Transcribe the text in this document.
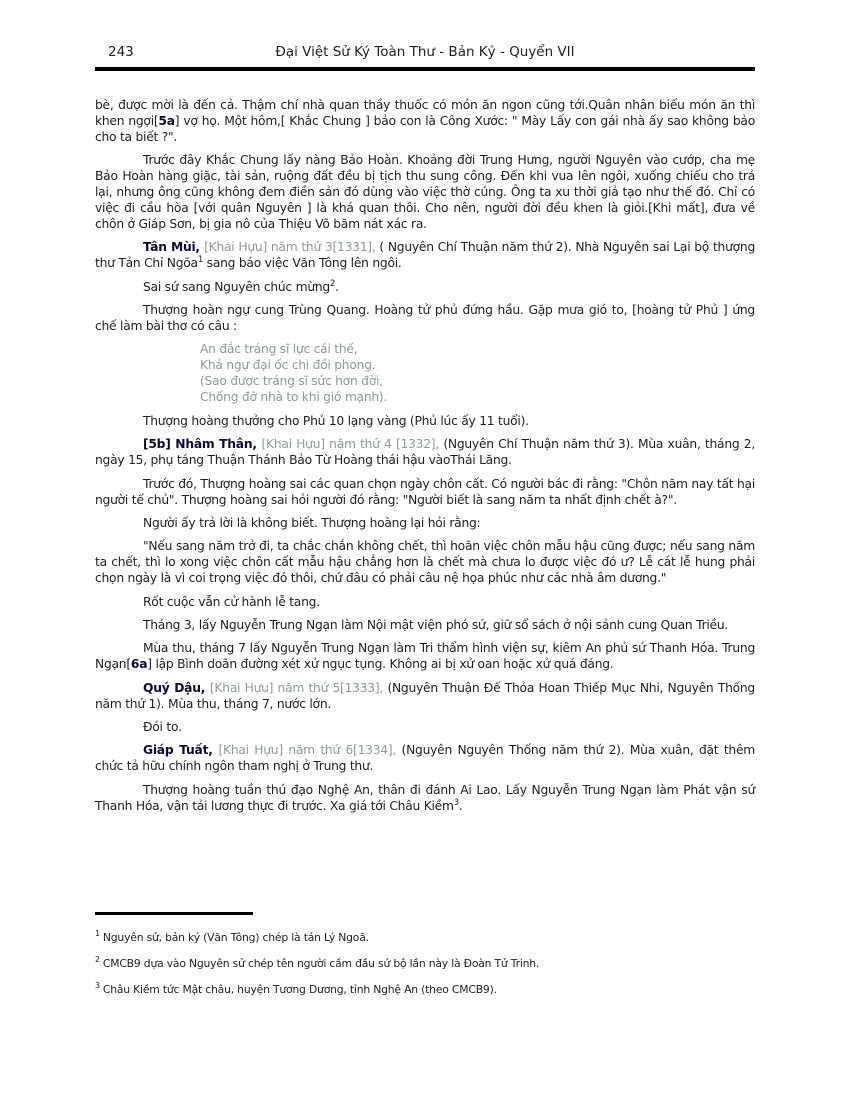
243	Đại Việt Sử Ký Toàn Thư - Bản Kỷ - Quyển VII

bè, được mời là đến cả. Thậm chí nhà quan thầy thuốc có món ăn ngon cũng tới.Quân nhân biếu món ăn thì khen ngợi[5a] vợ họ. Một hôm,[ Khắc Chung ] bảo con là Công Xước: " Mày Lấy con gái nhà ấy sao không bảo cho ta biết ?".

Trước đây Khắc Chung lấy nàng Bảo Hoàn. Khoảng đời Trung Hưng, người Nguyên vào cướp, cha mẹ Bảo Hoàn hàng giặc, tài sản, ruộng đất đều bị tịch thu sung công. Đến khi vua lên ngôi, xuống chiếu cho trả lại, nhưng ông cũng không đem điền sản đó dùng vào việc thờ cúng. Ông ta xu thời giả tạo như thế đó. Chỉ có việc đi cầu hòa [với quân Nguyên ] là khá quan thôi. Cho nên, người đời đều khen là giỏi.[Khi mất], đưa về chôn ở Giáp Sơn, bị gia nô của Thiệu Võ băm nát xác ra.

Tân Mùi, [Khai Hựu] năm thứ 3[1331], ( Nguyên Chí Thuận năm thứ 2). Nhà Nguyên sai Lại bộ thượng thư Tản Chỉ Ngõa$^1$ sang báo việc Văn Tông lên ngôi.

Sai sứ sang Nguyên chúc mừng$^2$.

Thượng hoàn ngự cung Trùng Quang. Hoàng tử phủ đứng hầu. Gặp mưa gió to, [hoàng tử Phủ ] ứng chế làm bài thơ có câu :

An đắc tráng sĩ lực cái thế,
Khả ngự đại ốc chi đồi phong.
(Sao được tráng sĩ sức hơn đời,
Chống đỡ nhà to khi gió mạnh).

Thượng hoàng thưởng cho Phủ 10 lạng vàng (Phủ lúc ấy 11 tuổi).

[5b] Nhâm Thân, [Khai Hựu] năm thứ 4 [1332], (Nguyên Chí Thuận năm thứ 3). Mùa xuân, tháng 2, ngày 15, phụ táng Thuận Thánh Bảo Từ Hoàng thái hậu vàoThái Lăng.

Trước đó, Thượng hoàng sai các quan chọn ngày chôn cất. Có người bác đi rằng: "Chôn năm nay tất hại người tế chủ". Thượng hoàng sai hỏi người đó rằng: "Người biết là sang năm ta nhất định chết à?".

Người ấy trả lời là không biết. Thượng hoàng lại hỏi rằng:

"Nếu sang năm trở đi, ta chắc chắn không chết, thì hoãn việc chôn mẫu hậu cũng được; nếu sang năm ta chết, thì lo xong việc chôn cất mẫu hậu chẳng hơn là chết mà chưa lo được việc đó ư? Lễ cát lễ hung phải chọn ngày là vì coi trọng việc đó thôi, chứ đâu có phải câu nệ họa phúc như các nhà âm dương."

Rốt cuộc vẫn cử hành lễ tang.

Tháng 3, lấy Nguyễn Trung Ngạn làm Nội mật viện phó sứ, giữ sổ sách ở nội sảnh cung Quan Triều.

Mùa thu, tháng 7 lấy Nguyễn Trung Ngạn làm Tri thẩm hình viện sự, kiêm An phủ sứ Thanh Hóa. Trung Ngạn[6a] lập Bình doãn đường xét xử ngục tụng. Không ai bị xử oan hoặc xử quá đáng.

Quý Dậu, [Khai Hựu] năm thứ 5[1333], (Nguyên Thuận Đế Thỏa Hoan Thiếp Mục Nhi, Nguyên Thống năm thứ 1). Mùa thu, tháng 7, nước lớn.

Đói to.

Giáp Tuất, [Khai Hựu] năm thứ 6[1334], (Nguyên Nguyên Thống năm thứ 2). Mùa xuân, đặt thêm chức tả hữu chính ngôn tham nghị ở Trung thư.

Thượng hoàng tuần thú đạo Nghệ An, thân đi đánh Ai Lao. Lấy Nguyễn Trung Ngạn làm Phát vận sứ Thanh Hóa, vận tải lương thực đi trước. Xa giá tới Châu Kiềm$^3$.

$^1$ Nguyên sử, bản ký (Văn Tông) chép là tán Lý Ngoã.
$^2$ CMCB9 dựa vào Nguyên sử chép tên người cầm đầu sứ bộ lần này là Đoàn Tử Trinh.
$^3$ Châu Kiềm tức Mật châu, huyện Tương Dương, tỉnh Nghệ An (theo CMCB9).
